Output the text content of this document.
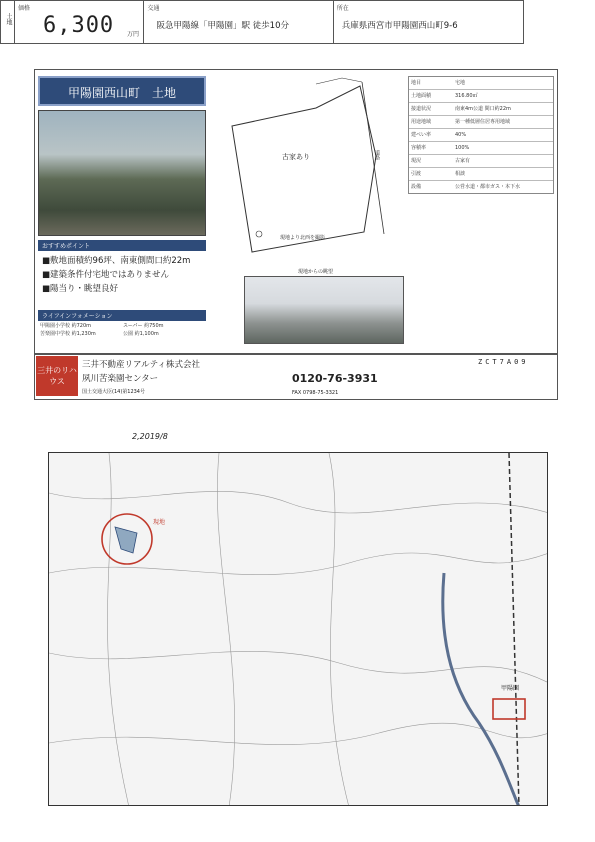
土地
価格
6,300 万円
交通
阪急甲陽線「甲陽園」駅 徒歩10分
所在
兵庫県西宮市甲陽園西山町9-6
甲陽園西山町　土地
おすすめポイント
■敷地面積約96坪、南東側間口約22m
■建築条件付宅地ではありません
■陽当り・眺望良好
ライフインフォメーション
甲陽園小学校 約720m	スーパー 約750m
苦楽園中学校 約1,230m	公園 約1,100m
古家あり	道路
現地より北西を撮影
現地からの眺望
地目	宅地
土地面積	316.80㎡
接道状況	南東4m公道 間口約22m
用途地域	第一種低層住居専用地域
建ぺい率	40%
容積率	100%
現況	古家有
引渡	相談
設備	公営水道・都市ガス・本下水
三井のリハウス
三井不動産リアルティ株式会社
夙川苦楽園センター
国土交通大臣(14)第1234号
0120-76-3931
FAX 0798-75-3321
ZCT7A09
2,2019/8
甲陽園
現地
